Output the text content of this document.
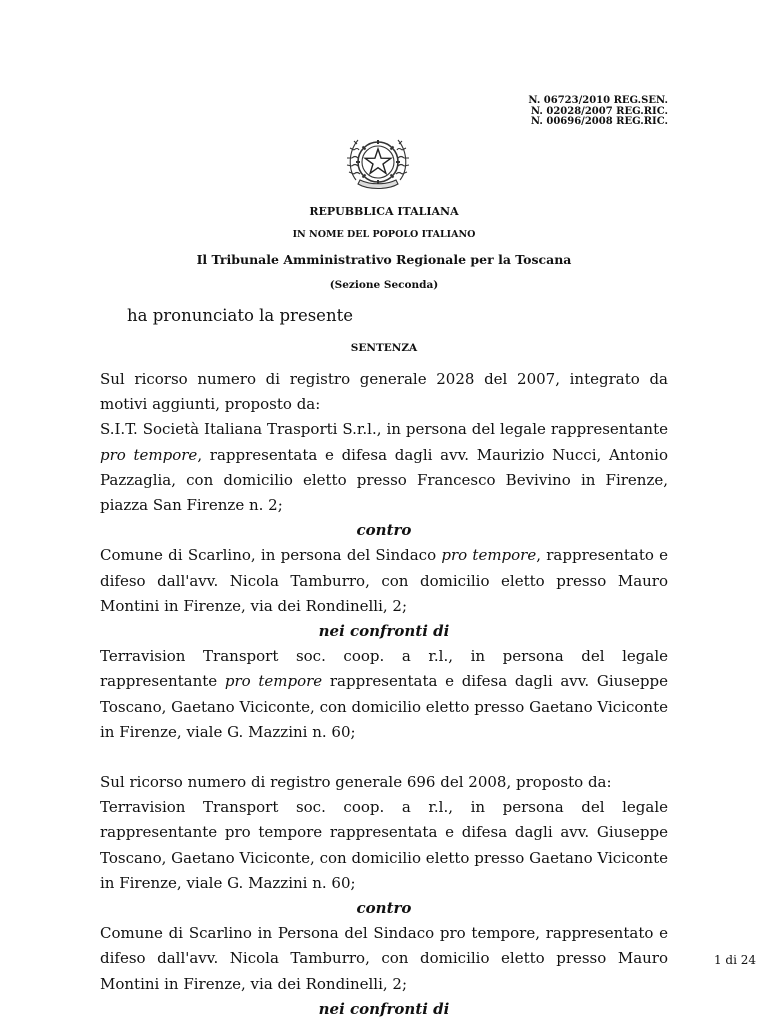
N. 06723/2010 REG.SEN.
N. 02028/2007 REG.RIC.
N. 00696/2008 REG.RIC.
REPUBBLICA ITALIANA
IN NOME DEL POPOLO ITALIANO
Il Tribunale Amministrativo Regionale per la Toscana
(Sezione Seconda)
ha pronunciato la presente
SENTENZA

Sul ricorso numero di registro generale 2028 del 2007, integrato da motivi aggiunti, proposto da:

S.I.T. Società Italiana Trasporti S.r.l., in persona del legale rappresentante pro tempore, rappresentata e difesa dagli avv. Maurizio Nucci, Antonio Pazzaglia, con domicilio eletto presso Francesco Bevivino in Firenze, piazza San Firenze n. 2;

contro

Comune di Scarlino, in persona del Sindaco pro tempore, rappresentato e difeso dall'avv. Nicola Tamburro, con domicilio eletto presso Mauro Montini in Firenze, via dei Rondinelli, 2;

nei confronti di

Terravision Transport soc. coop. a r.l., in persona del legale rappresentante pro tempore rappresentata e difesa dagli avv. Giuseppe Toscano, Gaetano Viciconte, con domicilio eletto presso Gaetano Viciconte in Firenze, viale G. Mazzini n. 60;

Sul ricorso numero di registro generale 696 del 2008, proposto da:

Terravision Transport soc. coop. a r.l., in persona del legale rappresentante pro tempore rappresentata e difesa dagli avv. Giuseppe Toscano, Gaetano Viciconte, con domicilio eletto presso Gaetano Viciconte in Firenze, viale G. Mazzini n. 60;

contro

Comune di Scarlino in Persona del Sindaco pro tempore, rappresentato e difeso dall'avv. Nicola Tamburro, con domicilio eletto presso Mauro Montini in Firenze, via dei Rondinelli, 2;

nei confronti di

1 di 24
